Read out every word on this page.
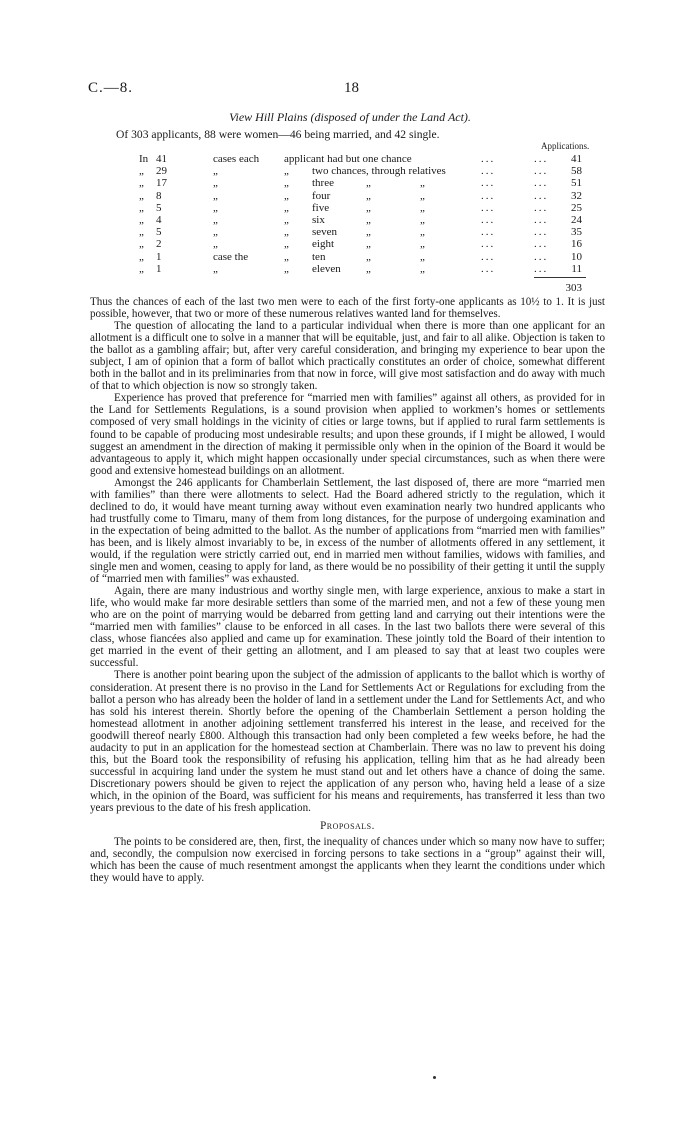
C.—8.	18
View Hill Plains (disposed of under the Land Act).
Of 303 applicants, 88 were women—46 being married, and 42 single.
Applications.
In 41	cases each applicant had but one chance	...	...	41
„ 29	„	„ two chances, through relatives	...	...	58
„ 17	„	„ three	„	„	...	...	51
„ 8	„	„ four	„	„	...	...	32
„ 5	„	„ five	„	„	...	...	25
„ 4	„	„ six	„	„	...	...	24
„ 5	„	„ seven	„	„	...	...	35
„ 2	„	„ eight	„	„	...	...	16
„ 1	case the	„ ten	„	„	...	...	10
„ 1	„	„ eleven „	„	...	...	11
303

Thus the chances of each of the last two men were to each of the first forty-one applicants as 10½ to 1. It is just possible, however, that two or more of these numerous relatives wanted land for themselves.

The question of allocating the land to a particular individual when there is more than one applicant for an allotment is a difficult one to solve in a manner that will be equitable, just, and fair to all alike. Objection is taken to the ballot as a gambling affair; but, after very careful consideration, and bringing my experience to bear upon the subject, I am of opinion that a form of ballot which practically constitutes an order of choice, somewhat different both in the ballot and in its preliminaries from that now in force, will give most satisfaction and do away with much of that to which objection is now so strongly taken.

Experience has proved that preference for “married men with families” against all others, as provided for in the Land for Settlements Regulations, is a sound provision when applied to workmen’s homes or settlements composed of very small holdings in the vicinity of cities or large towns, but if applied to rural farm settlements is found to be capable of producing most undesirable results; and upon these grounds, if I might be allowed, I would suggest an amendment in the direction of making it permissible only when in the opinion of the Board it would be advantageous to apply it, which might happen occasionally under special circumstances, such as when there were good and extensive homestead buildings on an allotment.

Amongst the 246 applicants for Chamberlain Settlement, the last disposed of, there are more “married men with families” than there were allotments to select. Had the Board adhered strictly to the regulation, which it declined to do, it would have meant turning away without even examination nearly two hundred applicants who had trustfully come to Timaru, many of them from long distances, for the purpose of undergoing examination and in the expectation of being admitted to the ballot. As the number of applications from “married men with families” has been, and is likely almost invariably to be, in excess of the number of allotments offered in any settlement, it would, if the regulation were strictly carried out, end in married men without families, widows with families, and single men and women, ceasing to apply for land, as there would be no possibility of their getting it until the supply of “married men with families” was exhausted.

Again, there are many industrious and worthy single men, with large experience, anxious to make a start in life, who would make far more desirable settlers than some of the married men, and not a few of these young men who are on the point of marrying would be debarred from getting land and carrying out their intentions were the “married men with families” clause to be enforced in all cases. In the last two ballots there were several of this class, whose fiancées also applied and came up for examination. These jointly told the Board of their intention to get married in the event of their getting an allotment, and I am pleased to say that at least two couples were successful.

There is another point bearing upon the subject of the admission of applicants to the ballot which is worthy of consideration. At present there is no proviso in the Land for Settlements Act or Regulations for excluding from the ballot a person who has already been the holder of land in a settlement under the Land for Settlements Act, and who has sold his interest therein. Shortly before the opening of the Chamberlain Settlement a person holding the homestead allotment in another adjoining settlement transferred his interest in the lease, and received for the goodwill thereof nearly £800. Although this transaction had only been completed a few weeks before, he had the audacity to put in an application for the homestead section at Chamberlain. There was no law to prevent his doing this, but the Board took the responsibility of refusing his application, telling him that as he had already been successful in acquiring land under the system he must stand out and let others have a chance of doing the same. Discretionary powers should be given to reject the application of any person who, having held a lease of a size which, in the opinion of the Board, was sufficient for his means and requirements, has transferred it less than two years previous to the date of his fresh application.

Proposals.

The points to be considered are, then, first, the inequality of chances under which so many now have to suffer; and, secondly, the compulsion now exercised in forcing persons to take sections in a “group” against their will, which has been the cause of much resentment amongst the applicants when they learnt the conditions under which they would have to apply.
